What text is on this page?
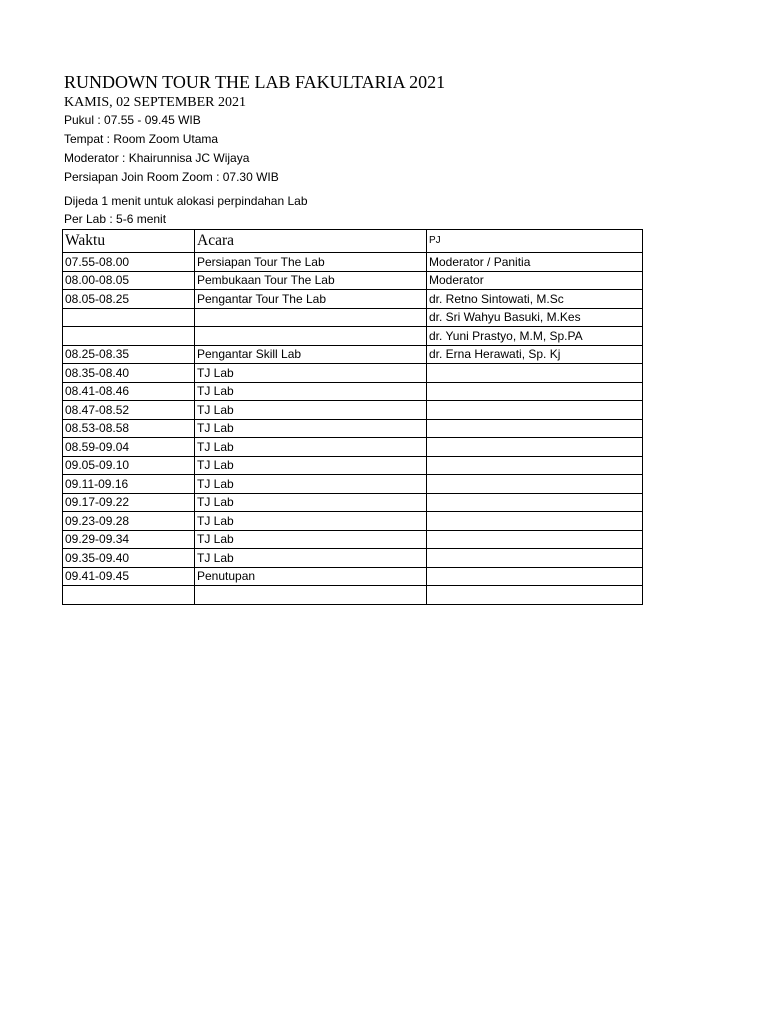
RUNDOWN TOUR THE LAB FAKULTARIA 2021
KAMIS, 02 SEPTEMBER 2021
Pukul : 07.55 - 09.45 WIB
Tempat : Room Zoom Utama
Moderator : Khairunnisa JC Wijaya
Persiapan Join Room Zoom : 07.30 WIB
Dijeda 1 menit untuk alokasi perpindahan Lab
Per Lab : 5-6 menit
Waktu	Acara	PJ
07.55-08.00	Persiapan Tour The Lab	Moderator / Panitia
08.00-08.05	Pembukaan Tour The Lab	Moderator
08.05-08.25	Pengantar Tour The Lab	dr. Retno Sintowati, M.Sc
		dr. Sri Wahyu Basuki, M.Kes
		dr. Yuni Prastyo, M.M, Sp.PA
08.25-08.35	Pengantar Skill Lab	dr. Erna Herawati, Sp. Kj
08.35-08.40	TJ Lab	
08.41-08.46	TJ Lab	
08.47-08.52	TJ Lab	
08.53-08.58	TJ Lab	
08.59-09.04	TJ Lab	
09.05-09.10	TJ Lab	
09.11-09.16	TJ Lab	
09.17-09.22	TJ Lab	
09.23-09.28	TJ Lab	
09.29-09.34	TJ Lab	
09.35-09.40	TJ Lab	
09.41-09.45	Penutupan	
